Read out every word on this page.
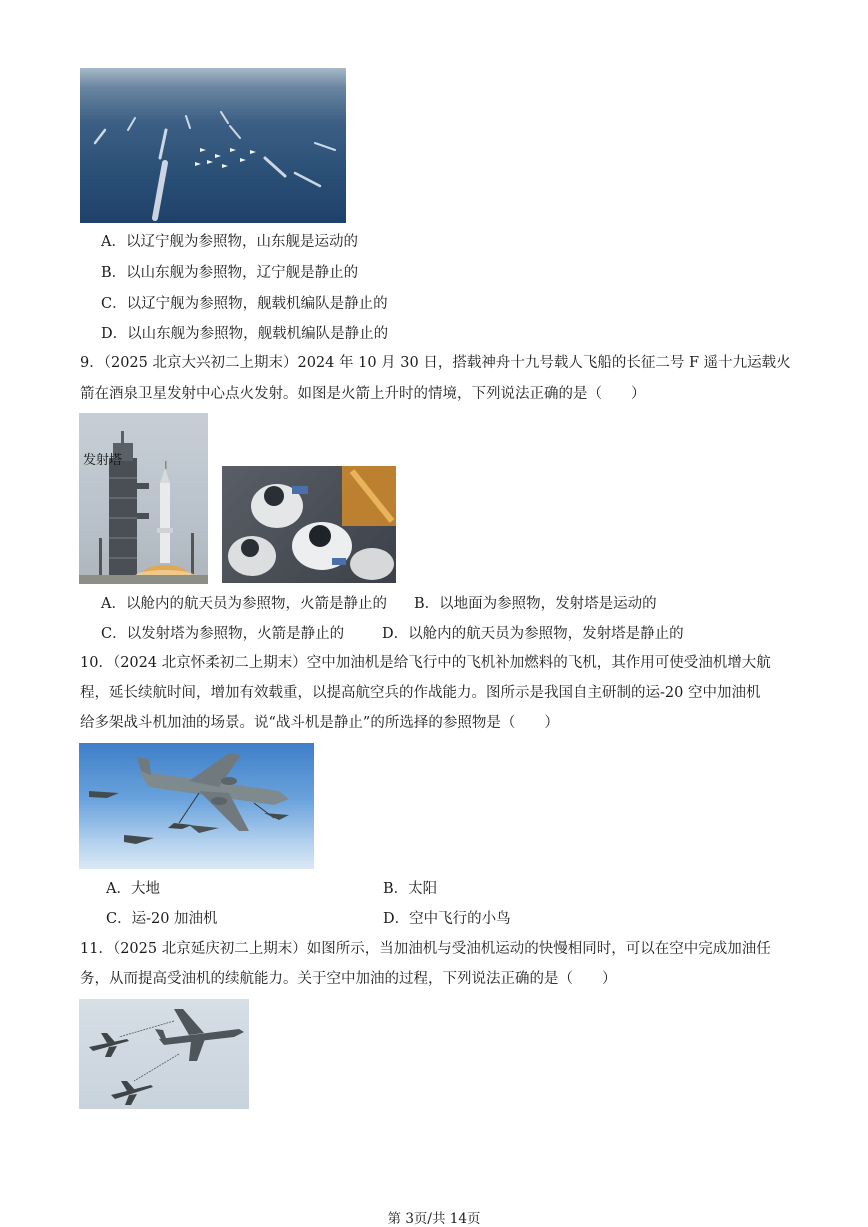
A．以辽宁舰为参照物，山东舰是运动的
B．以山东舰为参照物，辽宁舰是静止的
C．以辽宁舰为参照物，舰载机编队是静止的
D．以山东舰为参照物，舰载机编队是静止的
9．（2025 北京大兴初二上期末）2024 年 10 月 30 日，搭载神舟十九号载人飞船的长征二号 F 遥十九运载火
箭在酒泉卫星发射中心点火发射。如图是火箭上升时的情境，下列说法正确的是（　　）
发射塔
A．以舱内的航天员为参照物，火箭是静止的 B．以地面为参照物，发射塔是运动的
C．以发射塔为参照物，火箭是静止的	D．以舱内的航天员为参照物，发射塔是静止的
10．（2024 北京怀柔初二上期末）空中加油机是给飞行中的飞机补加燃料的飞机，其作用可使受油机增大航
程，延长续航时间，增加有效载重，以提高航空兵的作战能力。图所示是我国自主研制的运-20 空中加油机
给多架战斗机加油的场景。说“战斗机是静止”的所选择的参照物是（　　）
A．大地	B．太阳
C．运-20 加油机	D．空中飞行的小鸟
11．（2025 北京延庆初二上期末）如图所示，当加油机与受油机运动的快慢相同时，可以在空中完成加油任
务，从而提高受油机的续航能力。关于空中加油的过程，下列说法正确的是（　　）
第 3页/共 14页
